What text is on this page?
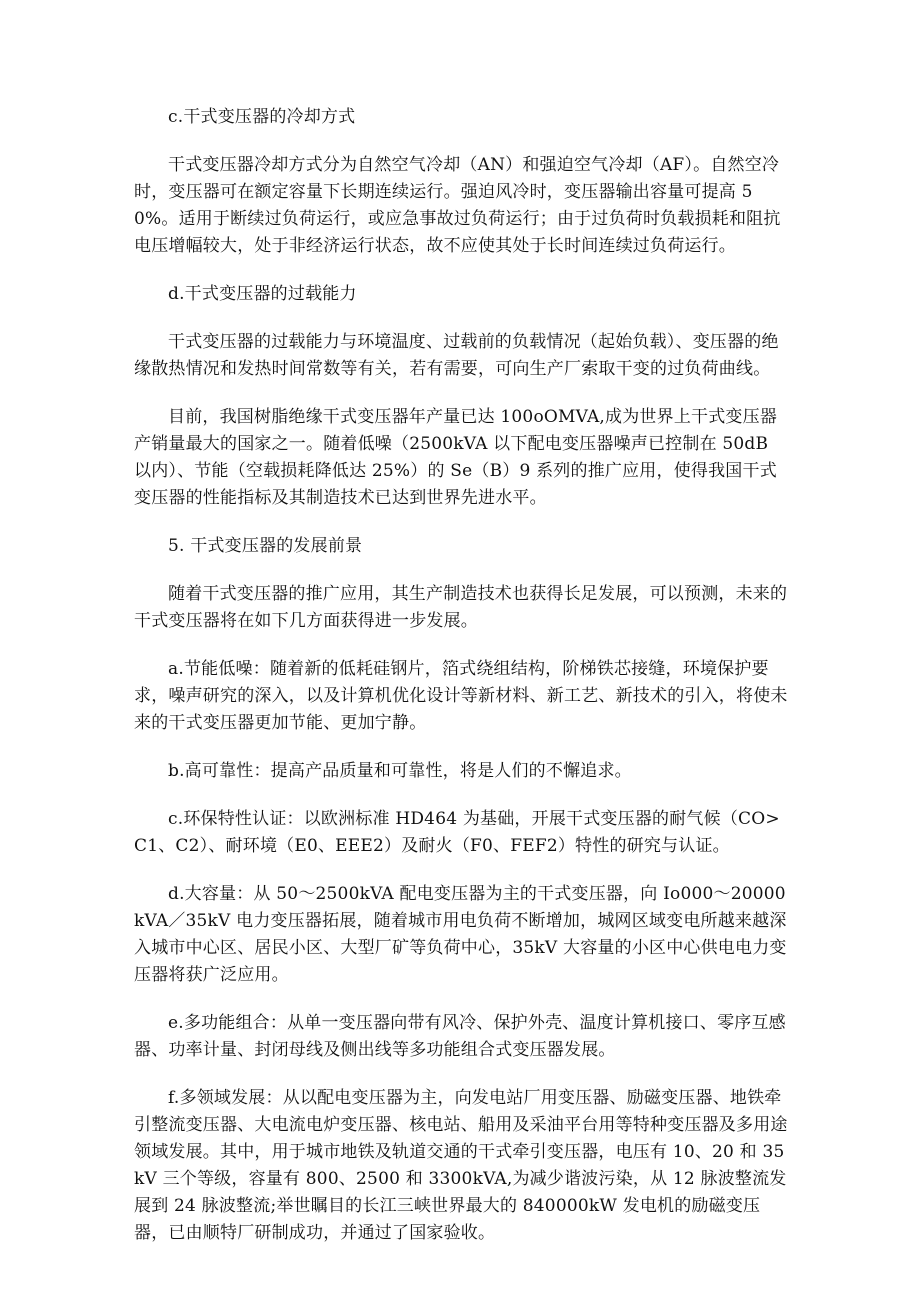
c.干式变压器的冷却方式

干式变压器冷却方式分为自然空气冷却（AN）和强迫空气冷却（AF）。自然空冷时，变压器可在额定容量下长期连续运行。强迫风冷时，变压器输出容量可提高 50%。适用于断续过负荷运行，或应急事故过负荷运行；由于过负荷时负载损耗和阻抗电压增幅较大，处于非经济运行状态，故不应使其处于长时间连续过负荷运行。

d.干式变压器的过载能力

干式变压器的过载能力与环境温度、过载前的负载情况（起始负载）、变压器的绝缘散热情况和发热时间常数等有关，若有需要，可向生产厂索取干变的过负荷曲线。

目前，我国树脂绝缘干式变压器年产量已达 100oOMVA,成为世界上干式变压器产销量最大的国家之一。随着低噪（2500kVA 以下配电变压器噪声已控制在 50dB 以内）、节能（空载损耗降低达 25%）的 Se（B）9 系列的推广应用，使得我国干式变压器的性能指标及其制造技术已达到世界先进水平。

5. 干式变压器的发展前景

随着干式变压器的推广应用，其生产制造技术也获得长足发展，可以预测，未来的干式变压器将在如下几方面获得进一步发展。

a.节能低噪：随着新的低耗硅钢片，箔式绕组结构，阶梯铁芯接缝，环境保护要求，噪声研究的深入，以及计算机优化设计等新材料、新工艺、新技术的引入，将使未来的干式变压器更加节能、更加宁静。

b.高可靠性：提高产品质量和可靠性，将是人们的不懈追求。

c.环保特性认证：以欧洲标准 HD464 为基础，开展干式变压器的耐气候（CO>C1、C2）、耐环境（E0、EEE2）及耐火（F0、FEF2）特性的研究与认证。

d.大容量：从 50～2500kVA 配电变压器为主的干式变压器，向 Io000～20000kVA／35kV 电力变压器拓展，随着城市用电负荷不断增加，城网区域变电所越来越深入城市中心区、居民小区、大型厂矿等负荷中心，35kV 大容量的小区中心供电电力变压器将获广泛应用。

e.多功能组合：从单一变压器向带有风冷、保护外壳、温度计算机接口、零序互感器、功率计量、封闭母线及侧出线等多功能组合式变压器发展。

f.多领域发展：从以配电变压器为主，向发电站厂用变压器、励磁变压器、地铁牵引整流变压器、大电流电炉变压器、核电站、船用及采油平台用等特种变压器及多用途领域发展。其中，用于城市地铁及轨道交通的干式牵引变压器，电压有 10、20 和 35kV 三个等级，容量有 800、2500 和 3300kVA,为减少谐波污染，从 12 脉波整流发展到 24 脉波整流;举世瞩目的长江三峡世界最大的 840000kW 发电机的励磁变压器，已由顺特厂研制成功，并通过了国家验收。
